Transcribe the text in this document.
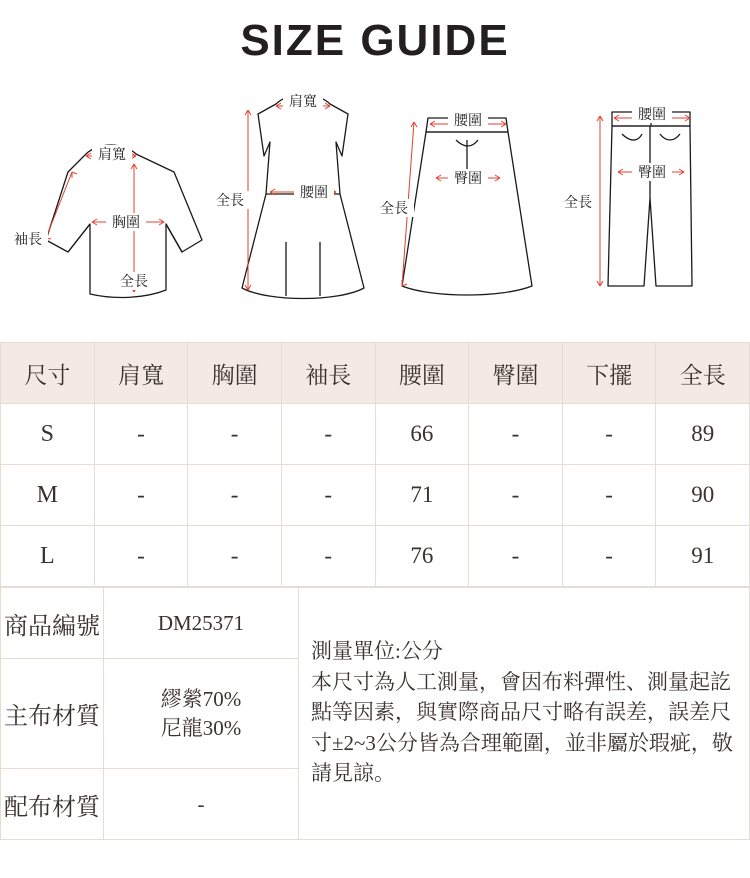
SIZE GUIDE
肩寬
袖長
胸圍
全長
肩寬
腰圍
全長
腰圍
臀圍
全長
腰圍
臀圍
全長
尺寸	肩寬	胸圍	袖長	腰圍	臀圍	下擺	全長
S	-	-	-	66	-	-	89
M	-	-	-	71	-	-	90
L	-	-	-	76	-	-	91
商品編號	DM25371	測量單位:公分
本尺寸為人工測量，會因布料彈性、測量起訖
點等因素，與實際商品尺寸略有誤差，誤差尺
寸±2~3公分皆為合理範圍，並非屬於瑕疵，敬
請見諒。

主布材質	繆縈70%
尼龍30%	

配布材質	-	
